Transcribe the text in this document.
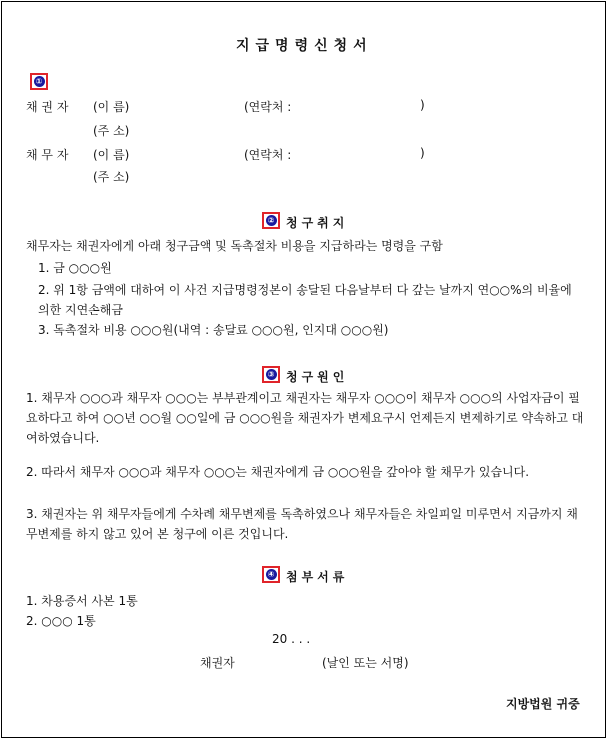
지급명령신청서
①
채 권 자 (이 름)	(연락처 :	)
(주 소)
채 무 자 (이 름)	(연락처 :	)
(주 소)
② 청구취지
채무자는 채권자에게 아래 청구금액 및 독촉절차 비용을 지급하라는 명령을 구함
1. 금 ○○○원
2. 위 1항 금액에 대하여 이 사건 지급명령정본이 송달된 다음날부터 다 갚는 날까지 연○○%의 비율에 의한 지연손해금
3. 독촉절차 비용 ○○○원(내역 : 송달료 ○○○원, 인지대 ○○○원)
③ 청구원인
1. 채무자 ○○○과 채무자 ○○○는 부부관계이고 채권자는 채무자 ○○○이 채무자 ○○○의 사업자금이 필요하다고 하여 ○○년 ○○월 ○○일에 금 ○○○원을 채권자가 변제요구시 언제든지 변제하기로 약속하고 대여하였습니다.
2. 따라서 채무자 ○○○과 채무자 ○○○는 채권자에게 금 ○○○원을 갚아야 할 채무가 있습니다.
3. 채권자는 위 채무자들에게 수차례 채무변제를 독촉하였으나 채무자들은 차일피일 미루면서 지금까지 채무변제를 하지 않고 있어 본 청구에 이른 것입니다.
④ 첨부서류
1. 차용증서 사본 1통
2. ○○○ 1통
20 . . .
채권자	(날인 또는 서명)
지방법원 귀중
